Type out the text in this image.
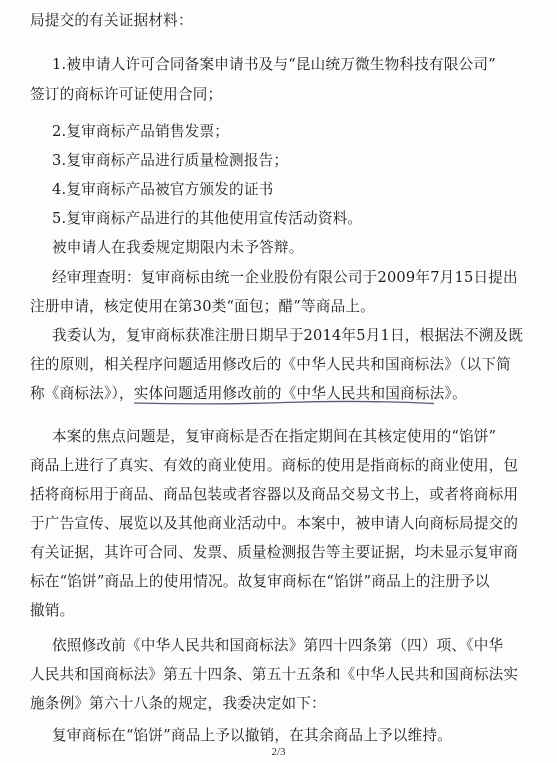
局提交的有关证据材料：
1.被申请人许可合同备案申请书及与“昆山统万微生物科技有限公司”
签订的商标许可证使用合同；
2.复审商标产品销售发票；
3.复审商标产品进行质量检测报告；
4.复审商标产品被官方颁发的证书
5.复审商标产品进行的其他使用宣传活动资料。
被申请人在我委规定期限内未予答辩。
经审理查明：复审商标由统一企业股份有限公司于2009年7月15日提出
注册申请，核定使用在第30类“面包；醋”等商品上。
我委认为，复审商标获准注册日期早于2014年5月1日，根据法不溯及既
往的原则，相关程序问题适用修改后的《中华人民共和国商标法》（以下简
称《商标法》），实体问题适用修改前的《中华人民共和国商标法》
。
本案的焦点问题是，复审商标是否在指定期间在其核定使用的“馅饼”
商品上进行了真实、有效的商业使用。商标的使用是指商标的商业使用，包
括将商标用于商品、商品包装或者容器以及商品交易文书上，或者将商标用
于广告宣传、展览以及其他商业活动中。本案中，被申请人向商标局提交的
有关证据，其许可合同、发票、质量检测报告等主要证据，均未显示复审商
标在“馅饼”商品上的使用情况。故复审商标在“馅饼”商品上的注册予以
撤销。
依照修改前《中华人民共和国商标法》第四十四条第（四）项、《中华
人民共和国商标法》第五十四条、第五十五条和《中华人民共和国商标法实
施条例》第六十八条的规定，我委决定如下：
复审商标在“馅饼”商品上予以撤销，在其余商品上予以维持。
2/3
